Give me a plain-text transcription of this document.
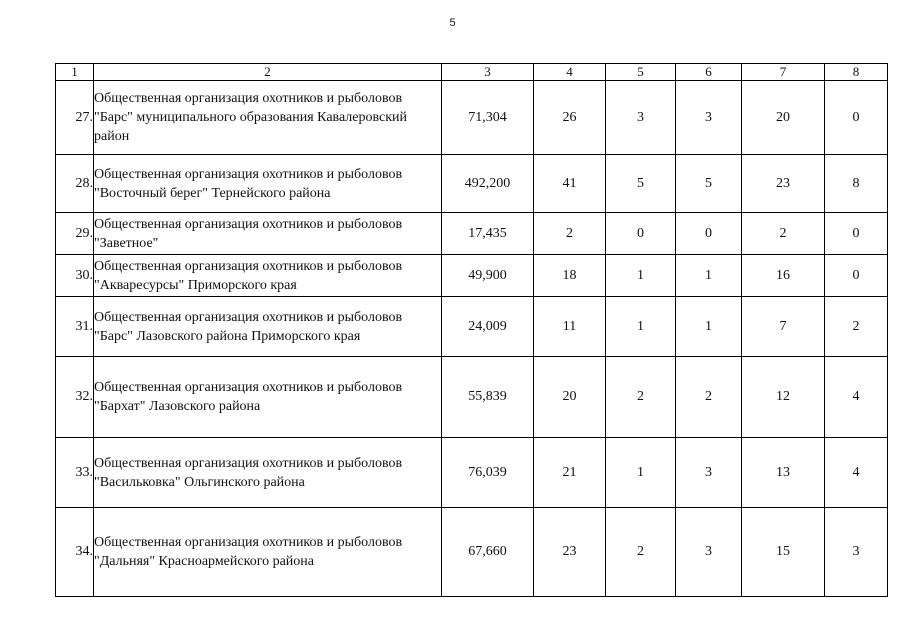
5
1	2	3	4	5	6	7	8
27.	Общественная организация охотников и рыболовов "Барс" муниципального образования Кавалеровский район	71,304	26	3	3	20	0
28.	Общественная организация охотников и рыболовов "Восточный берег" Тернейского района	492,200	41	5	5	23	8
29.	Общественная организация охотников и рыболовов "Заветное"	17,435	2	0	0	2	0
30.	Общественная организация охотников и рыболовов "Акваресурсы" Приморского края	49,900	18	1	1	16	0
31.	Общественная организация охотников и рыболовов "Барс" Лазовского района Приморского края	24,009	11	1	1	7	2
32.	Общественная организация охотников и рыболовов "Бархат" Лазовского района	55,839	20	2	2	12	4
33.	Общественная организация охотников и рыболовов "Васильковка" Ольгинского района	76,039	21	1	3	13	4
34.	Общественная организация охотников и рыболовов "Дальняя" Красноармейского района	67,660	23	2	3	15	3
